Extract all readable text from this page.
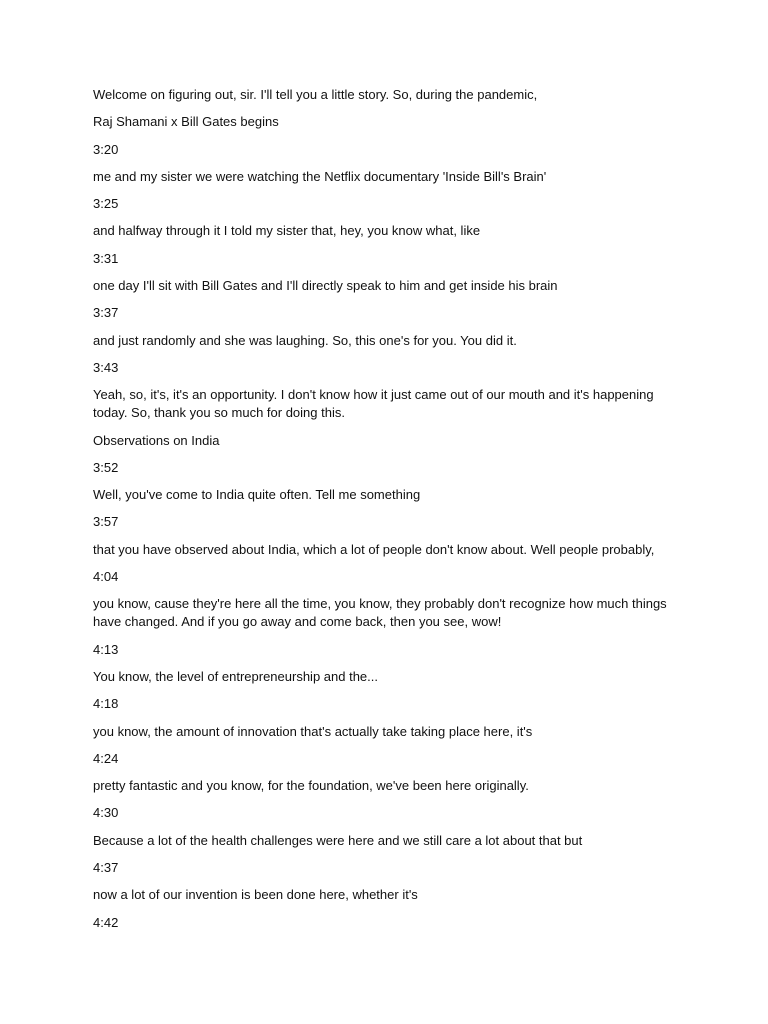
Welcome on figuring out, sir. I'll tell you a little story. So, during the pandemic,

Raj Shamani x Bill Gates begins

3:20

me and my sister we were watching the Netflix documentary 'Inside Bill's Brain'

3:25

and halfway through it I told my sister that, hey, you know what, like

3:31

one day I'll sit with Bill Gates and I'll directly speak to him and get inside his brain

3:37

and just randomly and she was laughing. So, this one's for you. You did it.

3:43

Yeah, so, it's, it's an opportunity. I don't know how it just came out of our mouth and it's happening today. So, thank you so much for doing this.

Observations on India

3:52

Well, you've come to India quite often. Tell me something

3:57

that you have observed about India, which a lot of people don't know about. Well people probably,

4:04

you know, cause they're here all the time, you know, they probably don't recognize how much things have changed. And if you go away and come back, then you see, wow!

4:13

You know, the level of entrepreneurship and the...

4:18

you know, the amount of innovation that's actually take taking place here, it's

4:24

pretty fantastic and you know, for the foundation, we've been here originally.

4:30

Because a lot of the health challenges were here and we still care a lot about that but

4:37

now a lot of our invention is been done here, whether it's

4:42
